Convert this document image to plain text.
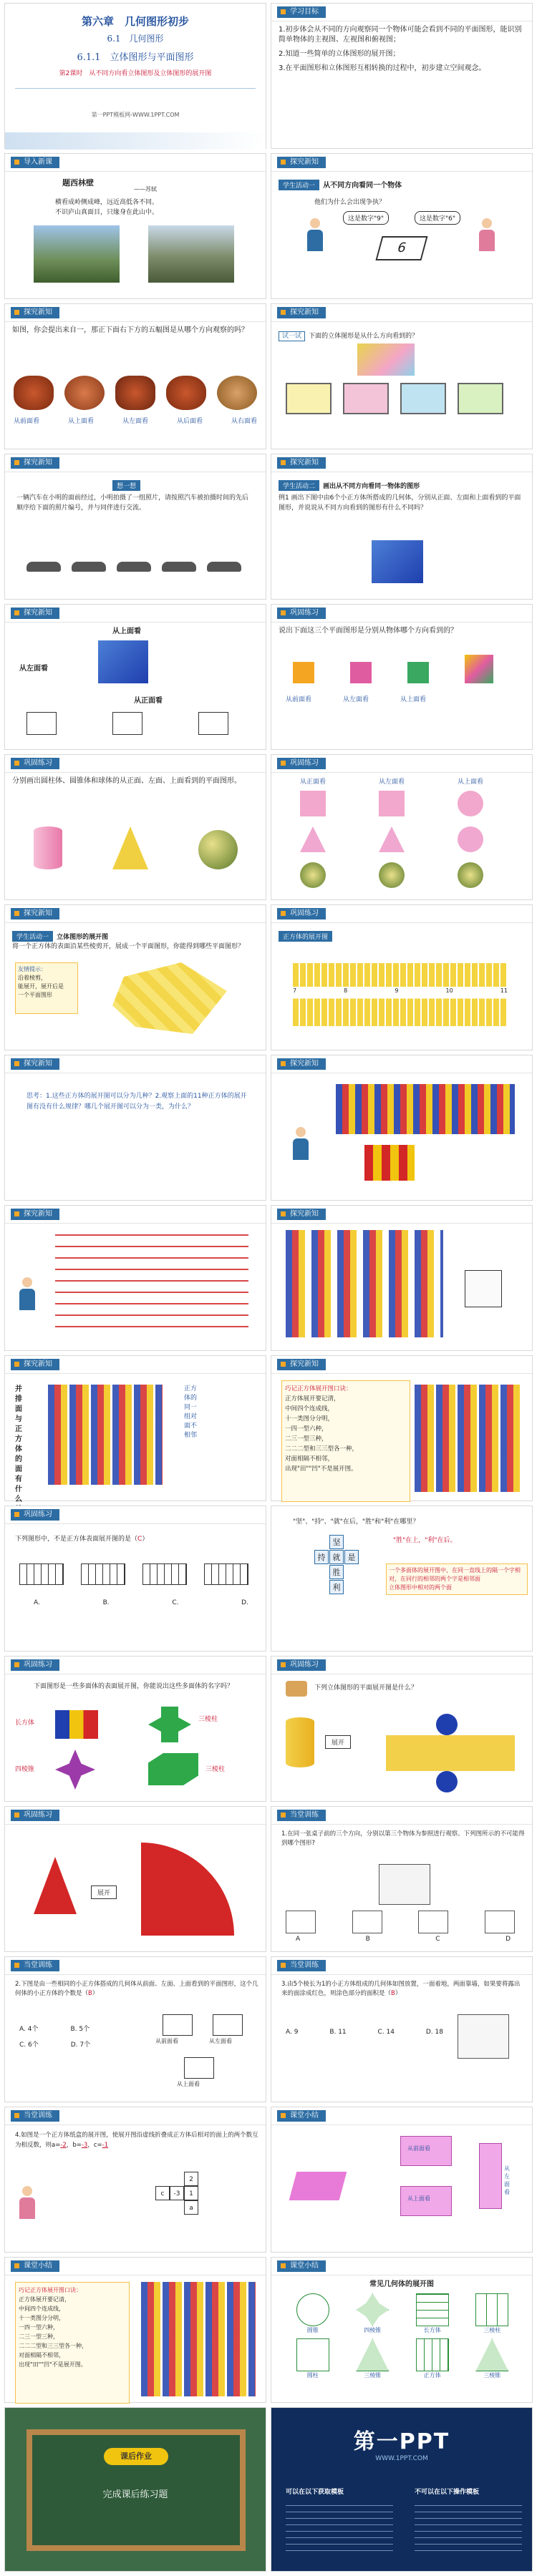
第六章　几何图形初步
6.1　几何图形
6.1.1　立体图形与平面图形
第2课时　从不同方向看立体图形及立体图形的展开图
第一PPT模板网-WWW.1PPT.COM
学习目标
1.初步体会从不同的方向观察同一个物体可能会看到不同的平面图形，能识别简单物体的主视图、左视图和俯视图；
2.知道一些简单的立体图形的展开图；
3.在平面图形和立体图形互相转换的过程中，初步建立空间观念。
导入新课
题西林壁
——苏轼
横看成岭侧成峰，远近高低各不同。
不识庐山真面目，只缘身在此山中。
探究新知
学生活动一 从不同方向看同一个物体
他们为什么会出现争执？
这是数字"9"	这是数字"6"
6
探究新知
如图，你会提出来自一，那正下面右下方的五幅图是从哪个方向观察的吗？
从前面看	从上面看	从左面看	从后面看	从右面看
探究新知
试一试 下面的立体图形是从什么方向看到的？
探究新知
想一想
一辆汽车在小明的面前经过，小明拍摄了一组照片，请按照汽车被拍摄时间的先后顺序给下面的照片编号，并与同伴进行交流。
探究新知
学生活动二 画出从不同方向看同一物体的图形
例1 画出下图中由6个小正方体所搭成的几何体，分别从正面、左面和上面看到的平面图形，并说说从不同方向看到的图形有什么不同吗？
探究新知
从上面看
从左面看
从正面看
巩固练习
说出下面这三个平面图形是分别从物体哪个方向看到的？
从前面看	从左面看	从上面看
巩固练习
分别画出圆柱体、圆锥体和球体的从正面、左面、上面看到的平面图形。
巩固练习
从正面看	从左面看	从上面看
探究新知
学生活动一 立体图形的展开图
将一个正方体的表面沿某些棱剪开，展成一个平面图形，你能得到哪些平面图形？
友情提示：
沿着棱剪，
能展开，展开后是
一个平面图形
巩固练习
正方体的展开图
7	8	9	10	11
探究新知
思考：1.这些正方体的展开图可以分为几种？2.观察上面的11种正方体的展开图有没有什么规律？哪几个展开图可以分为一类，为什么？
探究新知
探究新知	探究新知
探究新知
并排
面与正
方体的
面有什
么
正方
体的
同一
组对
面不
相邻
探究新知
巧记正方体展开图口诀：
正方体展开要记清，
中间四个连成线，
十一类图分分明，
一四一型六种，
二三一型三种，
二二二型和三三型各一种，
对面相隔不相邻，
出现"田""凹"不是展开图。
巩固练习
下列图形中，不是正方体表面展开图的是（C）
A.	B.	C.	D.
"坚"、"持"、"就"在后，"胜"和"利"在哪里？
坚
持 就 是
胜
利
"胜"在上，"利"在后。
一个多面体的展开图中，在同一直线上的隔一个字相对，在同行的相邻的两个字是相邻面
立体图形中相对的两个面
巩固练习
下面图形是一些多面体的表面展开图，你能说出这些多面体的名字吗？
长方体
四棱锥
三棱柱
三棱柱
巩固练习
下列立体图形的平面展开图是什么？
展开
巩固练习
展开
当堂训练
1.在同一张桌子前的三个方向，分别以第三个物体为参照进行观察。下列图所示的不可能得到哪个图形?
A	B	C	D
当堂训练
2.下图是由一些相同的小正方体搭成的几何体从前面、左面、上面看到的平面图形，这个几何体的小正方体的个数是（B）
A. 4个　　　　　	B. 5个
C. 6个　　　　　	D. 7个
从前面看	从左面看
从上面看
当堂训练
3.由5个棱长为1的小正方体组成的几何体如图放置，一面着地，两面靠墙，如果要将露出来的面涂成红色，则涂色部分的面积是（B）
A. 9	B. 11	C. 14	D. 18
当堂训练
4.如图是一个正方体纸盒的展开图，使展开图沿虚线折叠成正方体后相对的面上的两个数互为相反数，则a=-2，b=-3，c=-1
2
c	-3	1
a
课堂小结
从前面看
从上面看
从左面看
课堂小结
巧记正方体展开图口诀：
正方体展开要记清，
中间四个连成线，
十一类图分分明，
一四一型六种，
二三一型三种，
二二二型和三三型各一种，
对面相隔不相邻，
出现"田""凹"不是展开图。
课堂小结
常见几何体的展开图
圆锥	四棱锥	长方体	三棱柱
圆柱	三棱锥	正方体	三棱锥
课后作业
完成课后练习题
第一PPT
WWW.1PPT.COM
可以在以下获取模板	不可以在以下操作模板
